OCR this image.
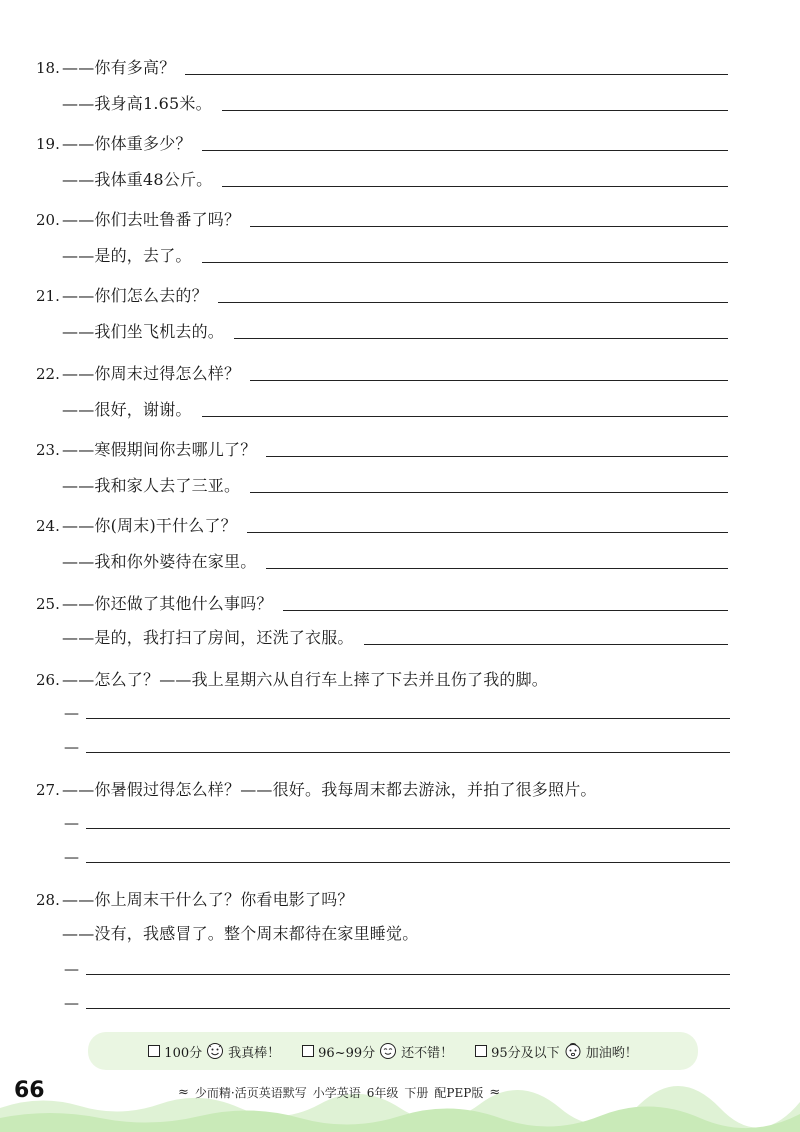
18. ——你有多高？
——我身高1.65米。
19. ——你体重多少？
——我体重48公斤。
20. ——你们去吐鲁番了吗？
——是的，去了。
21. ——你们怎么去的？
——我们坐飞机去的。
22. ——你周末过得怎么样？
——很好，谢谢。
23. ——寒假期间你去哪儿了？
——我和家人去了三亚。
24. ——你(周末)干什么了？
——我和你外婆待在家里。
25. ——你还做了其他什么事吗？
——是的，我打扫了房间，还洗了衣服。
26. ——怎么了？——我上星期六从自行车上摔了下去并且伤了我的脚。
—
—
27. ——你暑假过得怎么样？——很好。我每周末都去游泳，并拍了很多照片。
—
—
28. ——你上周末干什么了？你看电影了吗？
——没有，我感冒了。整个周末都待在家里睡觉。
—
—
100分 我真棒！	96~99分 还不错！	95分及以下 加油哟！
66	≈ 少而精·活页英语默写 小学英语 6年级 下册 配PEP版 ≈
